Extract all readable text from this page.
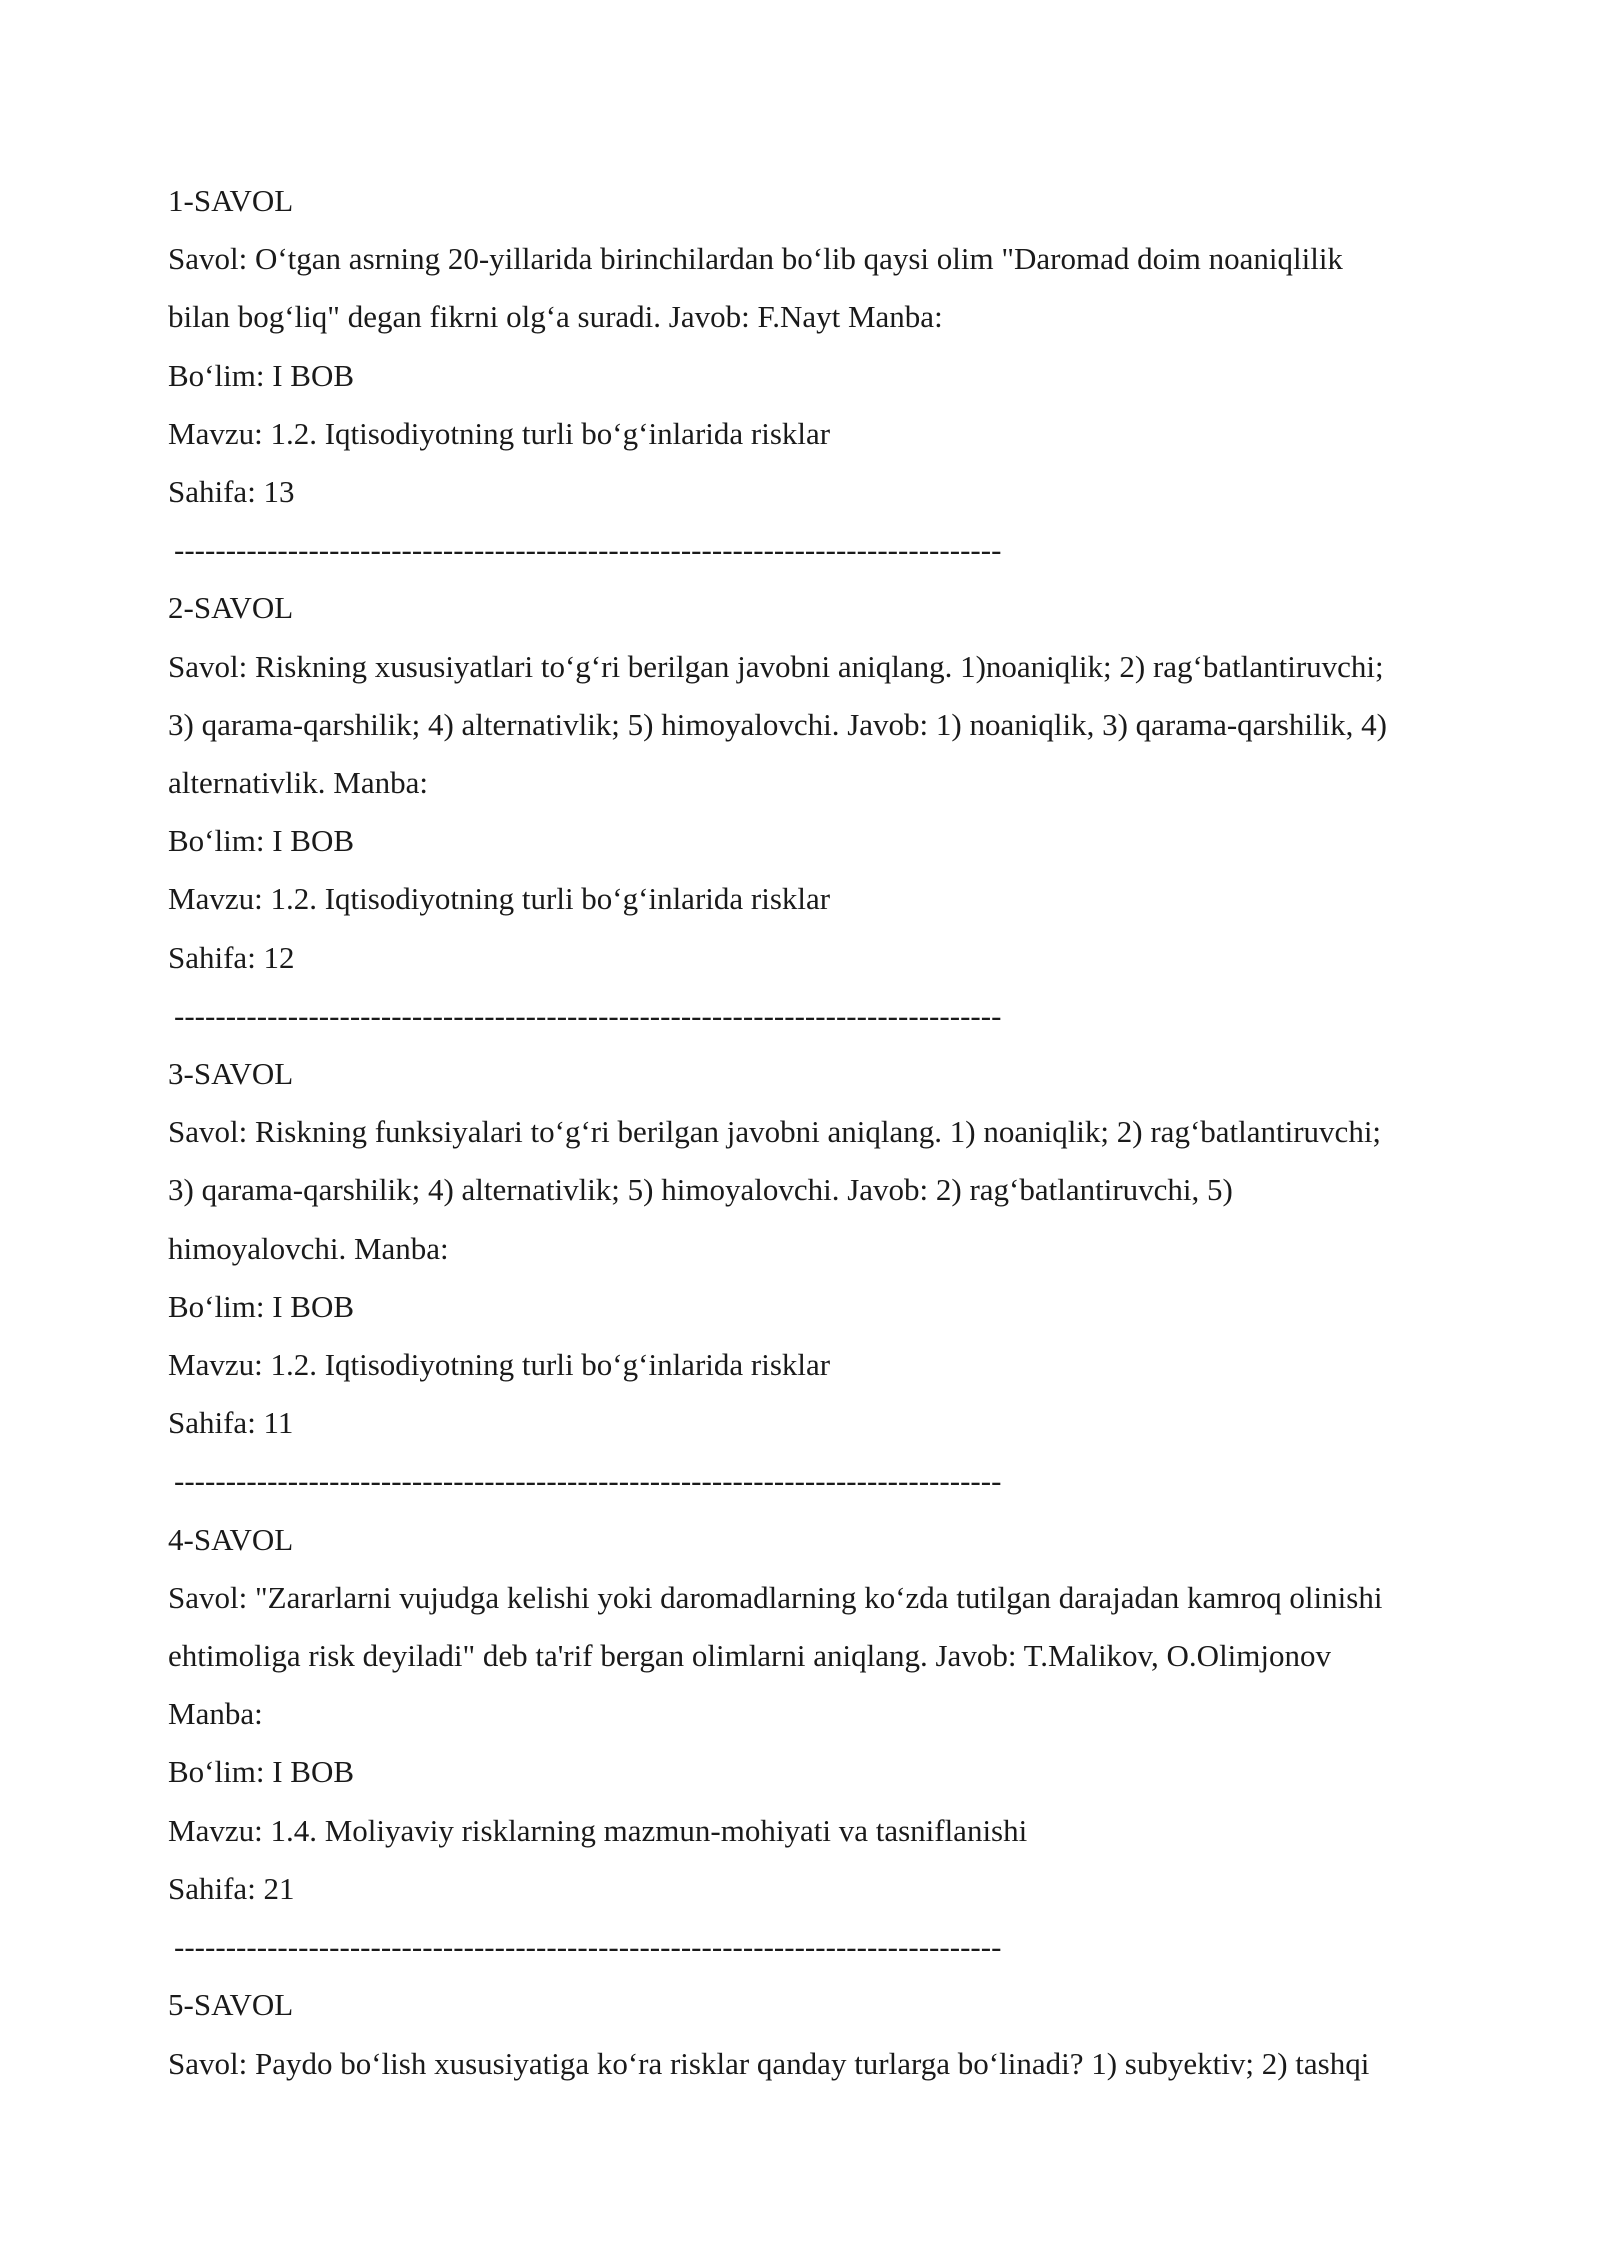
1-SAVOL

Savol: O‘tgan asrning 20-yillarida birinchilardan bo‘lib qaysi olim "Daromad doim noaniqlilik

bilan bog‘liq" degan fikrni olg‘a suradi. Javob: F.Nayt Manba:

Bo‘lim: I BOB

Mavzu: 1.2. Iqtisodiyotning turli bo‘g‘inlarida risklar

Sahifa: 13

--------------------------------------------------------------------------------

2-SAVOL

Savol: Riskning xususiyatlari to‘g‘ri berilgan javobni aniqlang. 1)noaniqlik; 2) rag‘batlantiruvchi;

3) qarama-qarshilik; 4) alternativlik; 5) himoyalovchi. Javob: 1) noaniqlik, 3) qarama-qarshilik, 4)

alternativlik. Manba:

Bo‘lim: I BOB

Mavzu: 1.2. Iqtisodiyotning turli bo‘g‘inlarida risklar

Sahifa: 12

--------------------------------------------------------------------------------

3-SAVOL

Savol: Riskning funksiyalari to‘g‘ri berilgan javobni aniqlang. 1) noaniqlik; 2) rag‘batlantiruvchi;

3) qarama-qarshilik; 4) alternativlik; 5) himoyalovchi. Javob: 2) rag‘batlantiruvchi, 5)

himoyalovchi. Manba:

Bo‘lim: I BOB

Mavzu: 1.2. Iqtisodiyotning turli bo‘g‘inlarida risklar

Sahifa: 11

--------------------------------------------------------------------------------

4-SAVOL

Savol: "Zararlarni vujudga kelishi yoki daromadlarning ko‘zda tutilgan darajadan kamroq olinishi

ehtimoliga risk deyiladi" deb ta'rif bergan olimlarni aniqlang. Javob: T.Malikov, O.Olimjonov

Manba:

Bo‘lim: I BOB

Mavzu: 1.4. Moliyaviy risklarning mazmun-mohiyati va tasniflanishi

Sahifa: 21

--------------------------------------------------------------------------------

5-SAVOL

Savol: Paydo bo‘lish xususiyatiga ko‘ra risklar qanday turlarga bo‘linadi? 1) subyektiv; 2) tashqi
